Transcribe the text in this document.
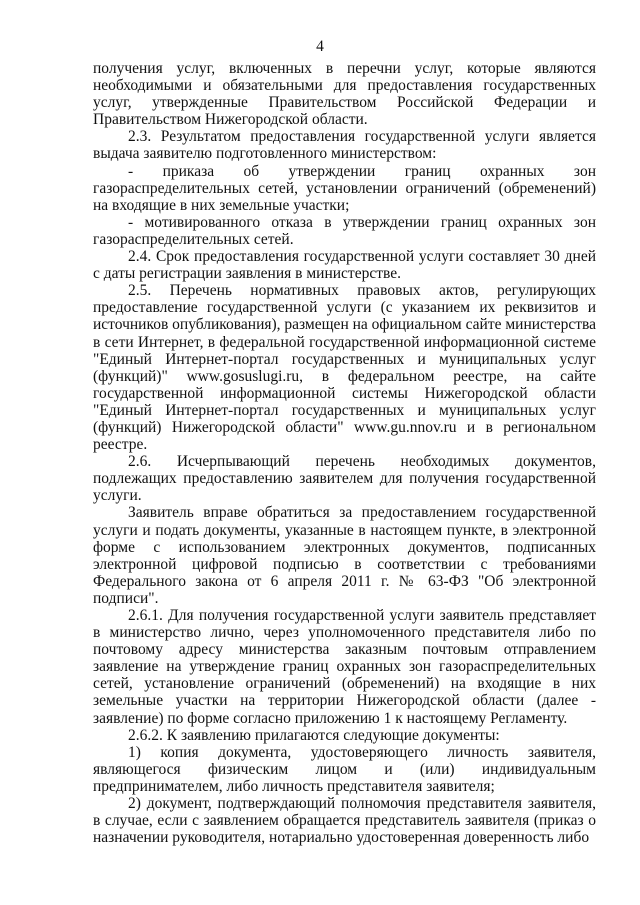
4

получения услуг, включенных в перечни услуг, которые являются необходимыми и обязательными для предоставления государственных услуг, утвержденные Правительством Российской Федерации и Правительством Нижегородской области.

2.3. Результатом предоставления государственной услуги является выдача заявителю подготовленного министерством:

- приказа об утверждении границ охранных зон газораспределительных сетей, установлении ограничений (обременений) на входящие в них земельные участки;

- мотивированного отказа в утверждении границ охранных зон газораспределительных сетей.

2.4. Срок предоставления государственной услуги составляет 30 дней с даты регистрации заявления в министерстве.

2.5. Перечень нормативных правовых актов, регулирующих предоставление государственной услуги (с указанием их реквизитов и источников опубликования), размещен на официальном сайте министерства в сети Интернет, в федеральной государственной информационной системе "Единый Интернет-портал государственных и муниципальных услуг (функций)" www.gosuslugi.ru, в федеральном реестре, на сайте государственной информационной системы Нижегородской области "Единый Интернет-портал государственных и муниципальных услуг (функций) Нижегородской области" www.gu.nnov.ru и в региональном реестре.

2.6. Исчерпывающий перечень необходимых документов, подлежащих предоставлению заявителем для получения государственной услуги.

Заявитель вправе обратиться за предоставлением государственной услуги и подать документы, указанные в настоящем пункте, в электронной форме с использованием электронных документов, подписанных электронной цифровой подписью в соответствии с требованиями Федерального закона от 6 апреля 2011 г. № 63-ФЗ "Об электронной подписи".

2.6.1. Для получения государственной услуги заявитель представляет в министерство лично, через уполномоченного представителя либо по почтовому адресу министерства заказным почтовым отправлением заявление на утверждение границ охранных зон газораспределительных сетей, установление ограничений (обременений) на входящие в них земельные участки на территории Нижегородской области (далее - заявление) по форме согласно приложению 1 к настоящему Регламенту.

2.6.2. К заявлению прилагаются следующие документы:

1) копия документа, удостоверяющего личность заявителя, являющегося физическим лицом и (или) индивидуальным предпринимателем, либо личность представителя заявителя;

2) документ, подтверждающий полномочия представителя заявителя, в случае, если с заявлением обращается представитель заявителя (приказ о назначении руководителя, нотариально удостоверенная доверенность либо
